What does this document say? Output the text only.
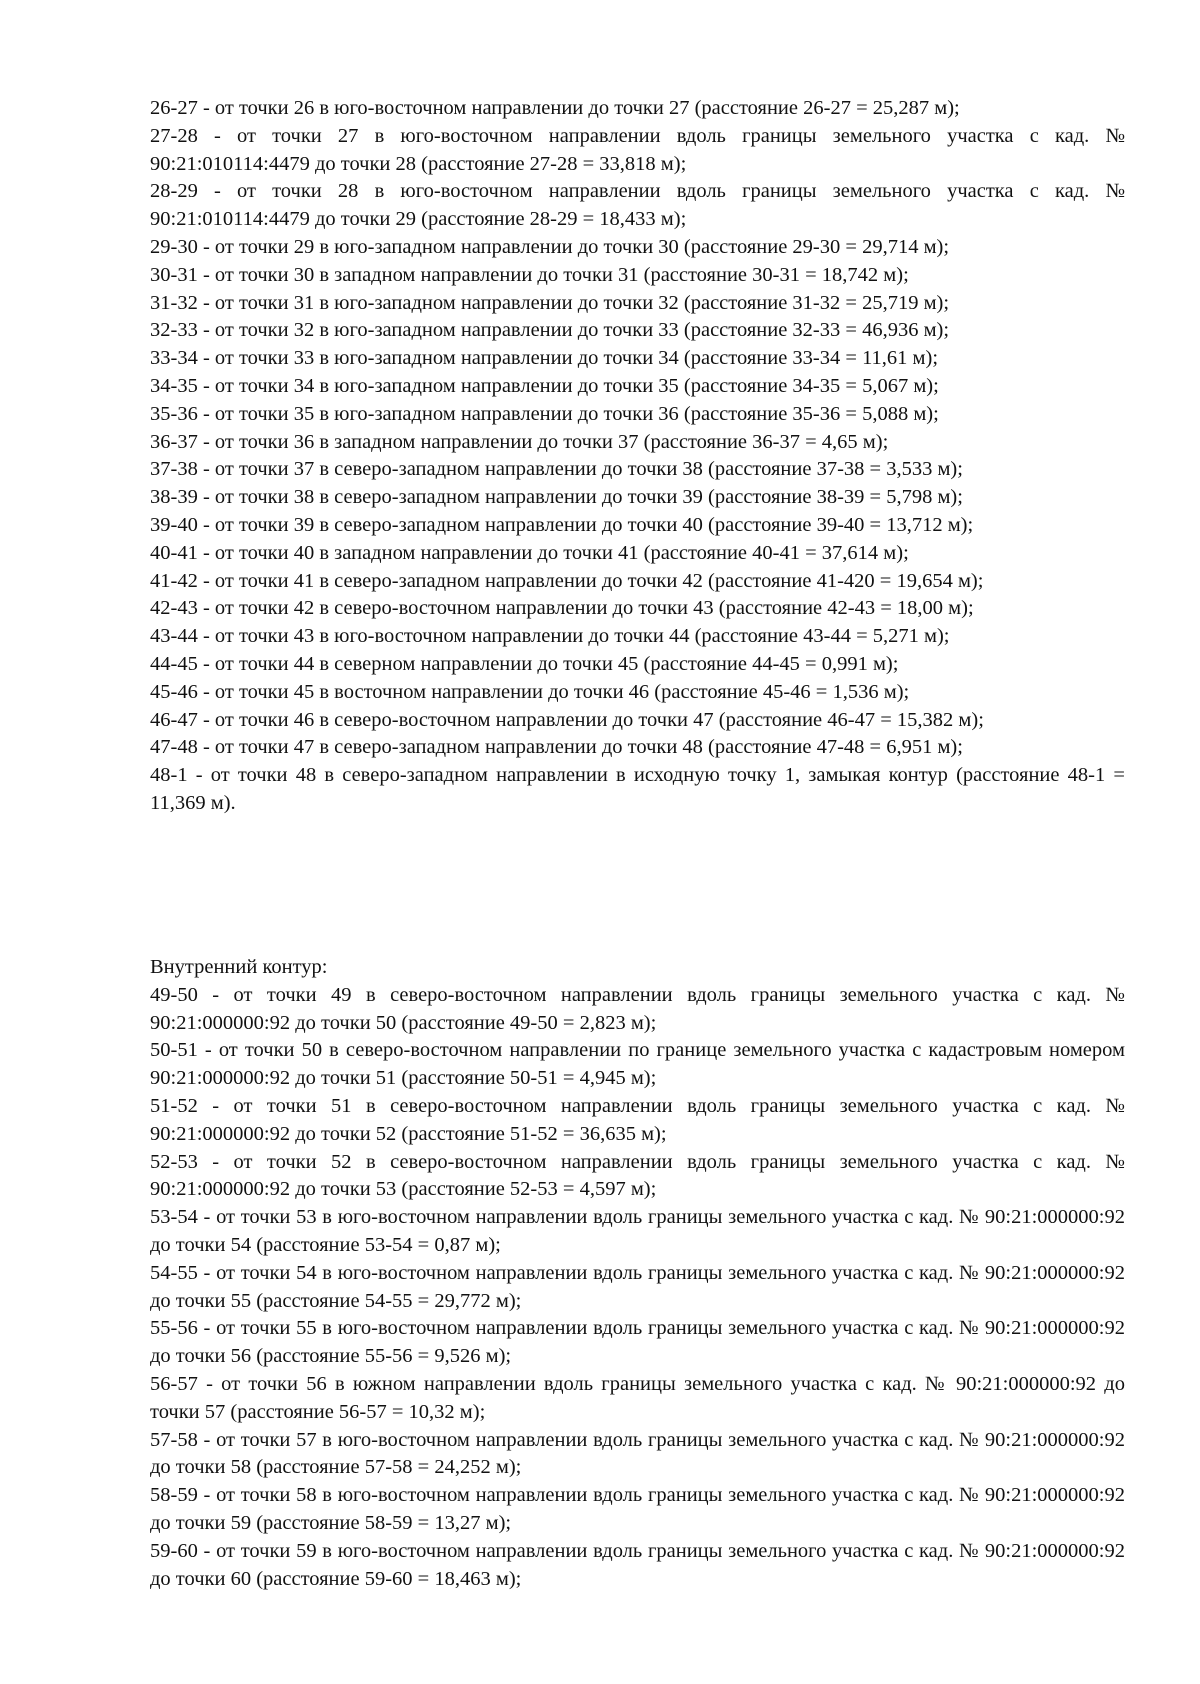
26-27 - от точки 26 в юго-восточном направлении до точки 27 (расстояние 26-27 = 25,287 м);

27-28 - от точки 27 в юго-восточном направлении вдоль границы земельного участка с кад. № 90:21:010114:4479 до точки 28 (расстояние 27-28 = 33,818 м);

28-29 - от точки 28 в юго-восточном направлении вдоль границы земельного участка с кад. № 90:21:010114:4479 до точки 29 (расстояние 28-29 = 18,433 м);

29-30 - от точки 29 в юго-западном направлении до точки 30 (расстояние 29-30 = 29,714 м);

30-31 - от точки 30 в западном направлении до точки 31 (расстояние 30-31 = 18,742 м);

31-32 - от точки 31 в юго-западном направлении до точки 32 (расстояние 31-32 = 25,719 м);

32-33 - от точки 32 в юго-западном направлении до точки 33 (расстояние 32-33 = 46,936 м);

33-34 - от точки 33 в юго-западном направлении до точки 34 (расстояние 33-34 = 11,61 м);

34-35 - от точки 34 в юго-западном направлении до точки 35 (расстояние 34-35 = 5,067 м);

35-36 - от точки 35 в юго-западном направлении до точки 36 (расстояние 35-36 = 5,088 м);

36-37 - от точки 36 в западном направлении до точки 37 (расстояние 36-37 = 4,65 м);

37-38 - от точки 37 в северо-западном направлении до точки 38 (расстояние 37-38 = 3,533 м);

38-39 - от точки 38 в северо-западном направлении до точки 39 (расстояние 38-39 = 5,798 м);

39-40 - от точки 39 в северо-западном направлении до точки 40 (расстояние 39-40 = 13,712 м);

40-41 - от точки 40 в западном направлении до точки 41 (расстояние 40-41 = 37,614 м);

41-42 - от точки 41 в северо-западном направлении до точки 42 (расстояние 41-420 = 19,654 м);

42-43 - от точки 42 в северо-восточном направлении до точки 43 (расстояние 42-43 = 18,00 м);

43-44 - от точки 43 в юго-восточном направлении до точки 44 (расстояние 43-44 = 5,271 м);

44-45 - от точки 44 в северном направлении до точки 45 (расстояние 44-45 = 0,991 м);

45-46 - от точки 45 в восточном направлении до точки 46 (расстояние 45-46 = 1,536 м);

46-47 - от точки 46 в северо-восточном направлении до точки 47 (расстояние 46-47 = 15,382 м);

47-48 - от точки 47 в северо-западном направлении до точки 48 (расстояние 47-48 = 6,951 м);

48-1 - от точки 48 в северо-западном направлении в исходную точку 1, замыкая контур (расстояние 48-1 = 11,369 м).

Внутренний контур:

49-50 - от точки 49 в северо-восточном направлении вдоль границы земельного участка с кад. № 90:21:000000:92 до точки 50 (расстояние 49-50 = 2,823 м);

50-51 - от точки 50 в северо-восточном направлении по границе земельного участка с кадастровым номером 90:21:000000:92 до точки 51 (расстояние 50-51 = 4,945 м);

51-52 - от точки 51 в северо-восточном направлении вдоль границы земельного участка с кад. № 90:21:000000:92 до точки 52 (расстояние 51-52 = 36,635 м);

52-53 - от точки 52 в северо-восточном направлении вдоль границы земельного участка с кад. № 90:21:000000:92 до точки 53 (расстояние 52-53 = 4,597 м);

53-54 - от точки 53 в юго-восточном направлении вдоль границы земельного участка с кад. № 90:21:000000:92 до точки 54 (расстояние 53-54 = 0,87 м);

54-55 - от точки 54 в юго-восточном направлении вдоль границы земельного участка с кад. № 90:21:000000:92 до точки 55 (расстояние 54-55 = 29,772 м);

55-56 - от точки 55 в юго-восточном направлении вдоль границы земельного участка с кад. № 90:21:000000:92 до точки 56 (расстояние 55-56 = 9,526 м);

56-57 - от точки 56 в южном направлении вдоль границы земельного участка с кад. № 90:21:000000:92 до точки 57 (расстояние 56-57 = 10,32 м);

57-58 - от точки 57 в юго-восточном направлении вдоль границы земельного участка с кад. № 90:21:000000:92 до точки 58 (расстояние 57-58 = 24,252 м);

58-59 - от точки 58 в юго-восточном направлении вдоль границы земельного участка с кад. № 90:21:000000:92 до точки 59 (расстояние 58-59 = 13,27 м);

59-60 - от точки 59 в юго-восточном направлении вдоль границы земельного участка с кад. № 90:21:000000:92 до точки 60 (расстояние 59-60 = 18,463 м);
